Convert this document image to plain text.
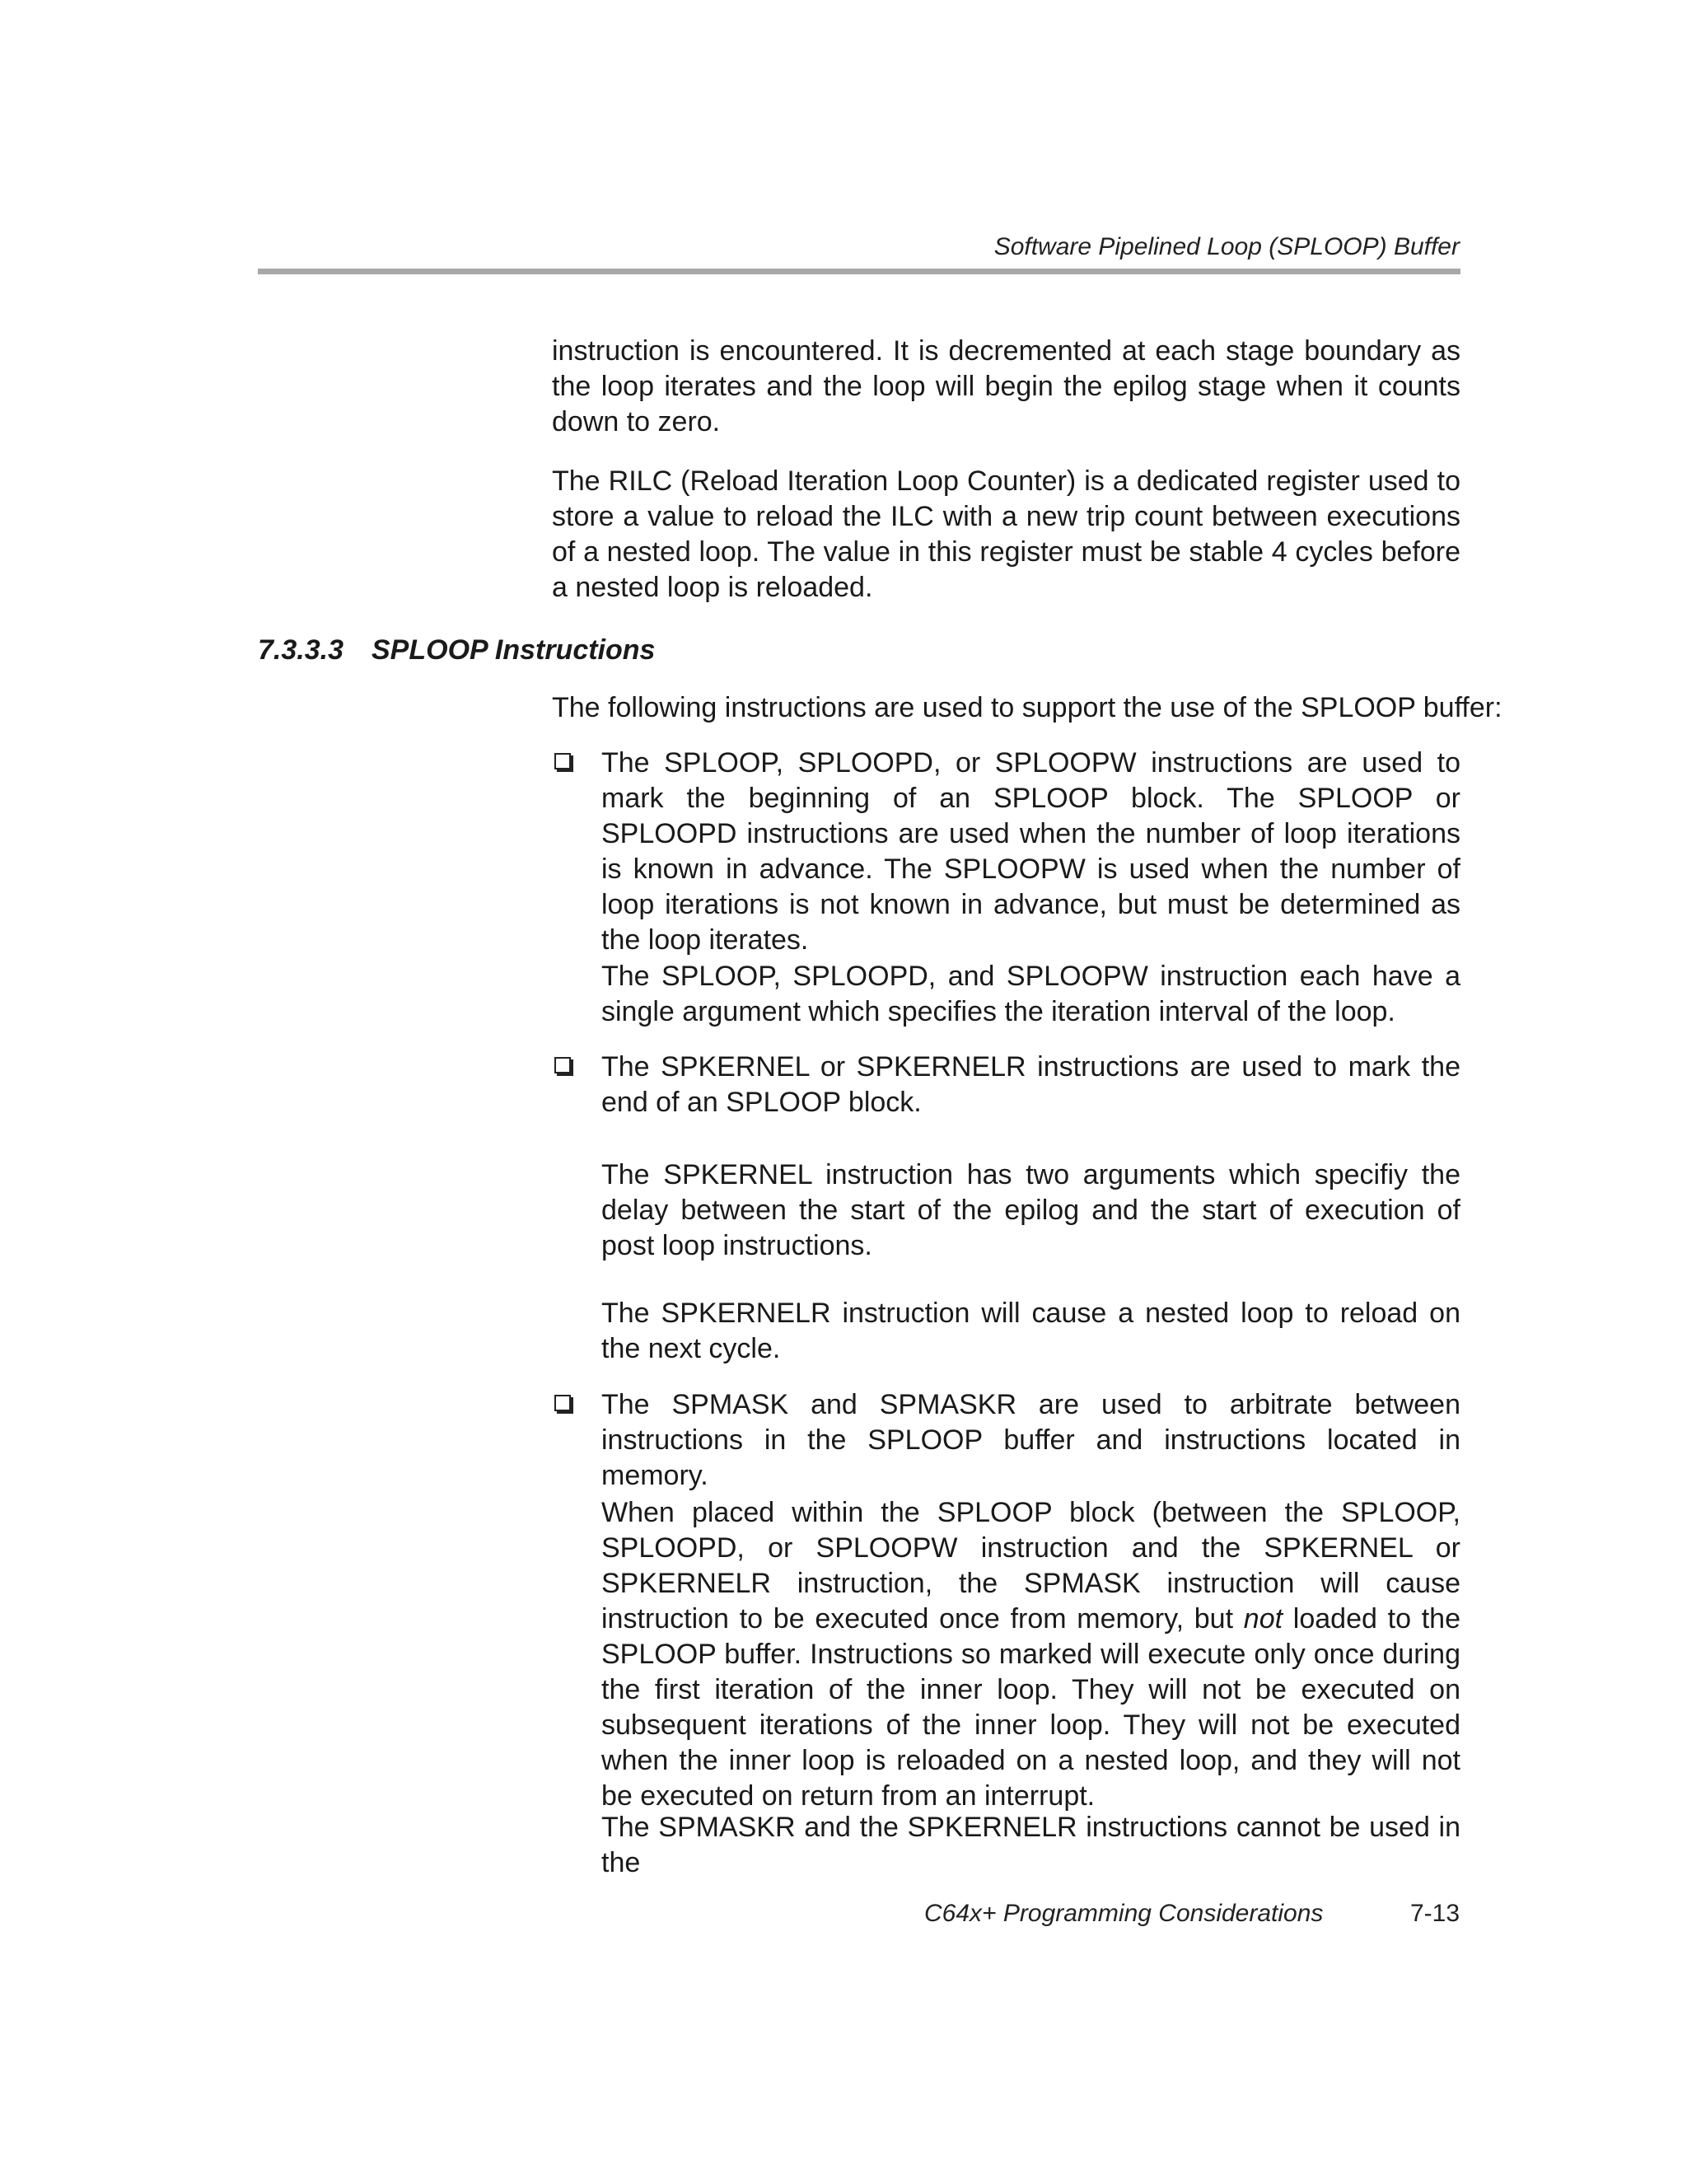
Software Pipelined Loop (SPLOOP) Buffer

instruction is encountered. It is decremented at each stage boundary as the loop iterates and the loop will begin the epilog stage when it counts down to zero.

The RILC (Reload Iteration Loop Counter) is a dedicated register used to store a value to reload the ILC with a new trip count between executions of a nested loop. The value in this register must be stable 4 cycles before a nested loop is reloaded.

7.3.3.3 SPLOOP Instructions

The following instructions are used to support the use of the SPLOOP buffer:

The SPLOOP, SPLOOPD, or SPLOOPW instructions are used to mark the beginning of an SPLOOP block. The SPLOOP or SPLOOPD instructions are used when the number of loop iterations is known in advance. The SPLOOPW is used when the number of loop iterations is not known in advance, but must be determined as the loop iterates.

The SPLOOP, SPLOOPD, and SPLOOPW instruction each have a single argument which specifies the iteration interval of the loop.

The SPKERNEL or SPKERNELR instructions are used to mark the end of an SPLOOP block.

The SPKERNEL instruction has two arguments which specifiy the delay between the start of the epilog and the start of execution of post loop instructions.

The SPKERNELR instruction will cause a nested loop to reload on the next cycle.

The SPMASK and SPMASKR are used to arbitrate between instructions in the SPLOOP buffer and instructions located in memory.

When placed within the SPLOOP block (between the SPLOOP, SPLOOPD, or SPLOOPW instruction and the SPKERNEL or SPKERNELR instruction, the SPMASK instruction will cause instruction to be executed once from memory, but not loaded to the SPLOOP buffer. Instructions so marked will execute only once during the first iteration of the inner loop. They will not be executed on subsequent iterations of the inner loop. They will not be executed when the inner loop is reloaded on a nested loop, and they will not be executed on return from an interrupt.

The SPMASKR and the SPKERNELR instructions cannot be used in the

C64x+ Programming Considerations	7-13
